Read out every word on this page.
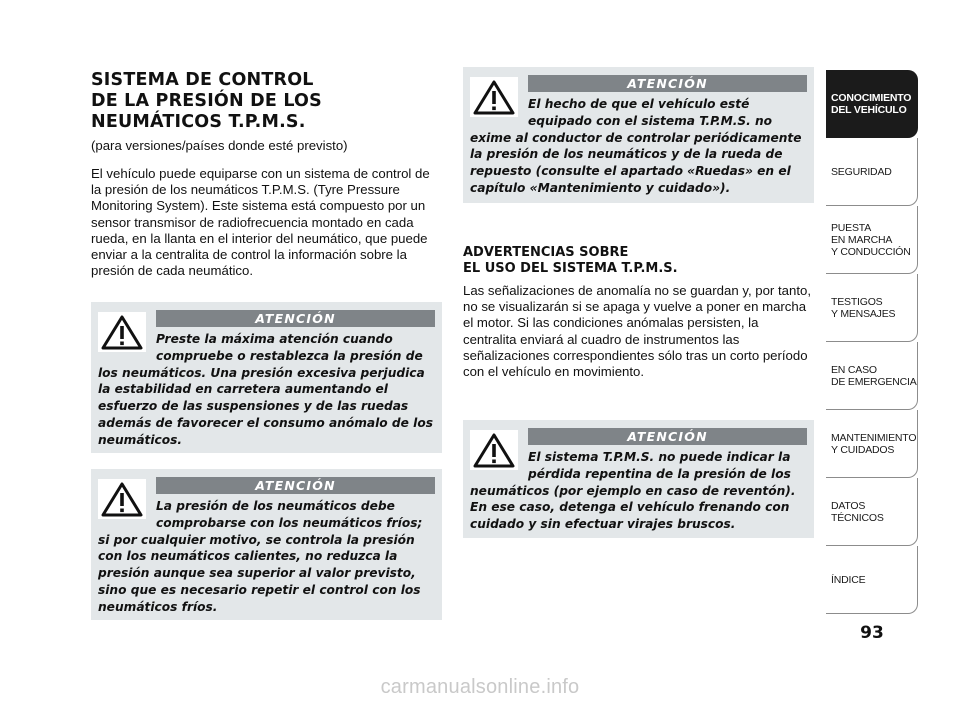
SISTEMA DE CONTROL
DE LA PRESIÓN DE LOS
NEUMÁTICOS T.P.M.S.

(para versiones/países donde esté previsto)

El vehículo puede equiparse con un sistema de control de la presión de los neumáticos T.P.M.S. (Tyre Pressure Monitoring System). Este sistema está compuesto por un sensor transmisor de radiofrecuencia montado en cada rueda, en la llanta en el interior del neumático, que puede enviar a la centralita de control la información sobre la presión de cada neumático.

ATENCIÓN

Preste la máxima atención cuando compruebe o restablezca la presión de los neumáticos. Una presión excesiva perjudica la estabilidad en carretera aumentando el esfuerzo de las suspensiones y de las ruedas además de favorecer el consumo anómalo de los neumáticos.

ATENCIÓN

La presión de los neumáticos debe comprobarse con los neumáticos fríos; si por cualquier motivo, se controla la presión con los neumáticos calientes, no reduzca la presión aunque sea superior al valor previsto, sino que es necesario repetir el control con los neumáticos fríos.

ATENCIÓN

El hecho de que el vehículo esté equipado con el sistema T.P.M.S. no exime al conductor de controlar periódicamente la presión de los neumáticos y de la rueda de repuesto (consulte el apartado «Ruedas» en el capítulo «Mantenimiento y cuidado»).

ADVERTENCIAS SOBRE
EL USO DEL SISTEMA T.P.M.S.

Las señalizaciones de anomalía no se guardan y, por tanto, no se visualizarán si se apaga y vuelve a poner en marcha el motor. Si las condiciones anómalas persisten, la centralita enviará al cuadro de instrumentos las señalizaciones correspondientes sólo tras un corto período con el vehículo en movimiento.

ATENCIÓN

El sistema T.P.M.S. no puede indicar la pérdida repentina de la presión de los neumáticos (por ejemplo en caso de reventón). En ese caso, detenga el vehículo frenando con cuidado y sin efectuar virajes bruscos.

CONOCIMIENTO
DEL VEHÍCULO
SEGURIDAD
PUESTA
EN MARCHA
Y CONDUCCIÓN
TESTIGOS
Y MENSAJES
EN CASO
DE EMERGENCIA
MANTENIMIENTO
Y CUIDADOS
DATOS TÉCNICOS
ÍNDICE
93
carmanualsonline.info
